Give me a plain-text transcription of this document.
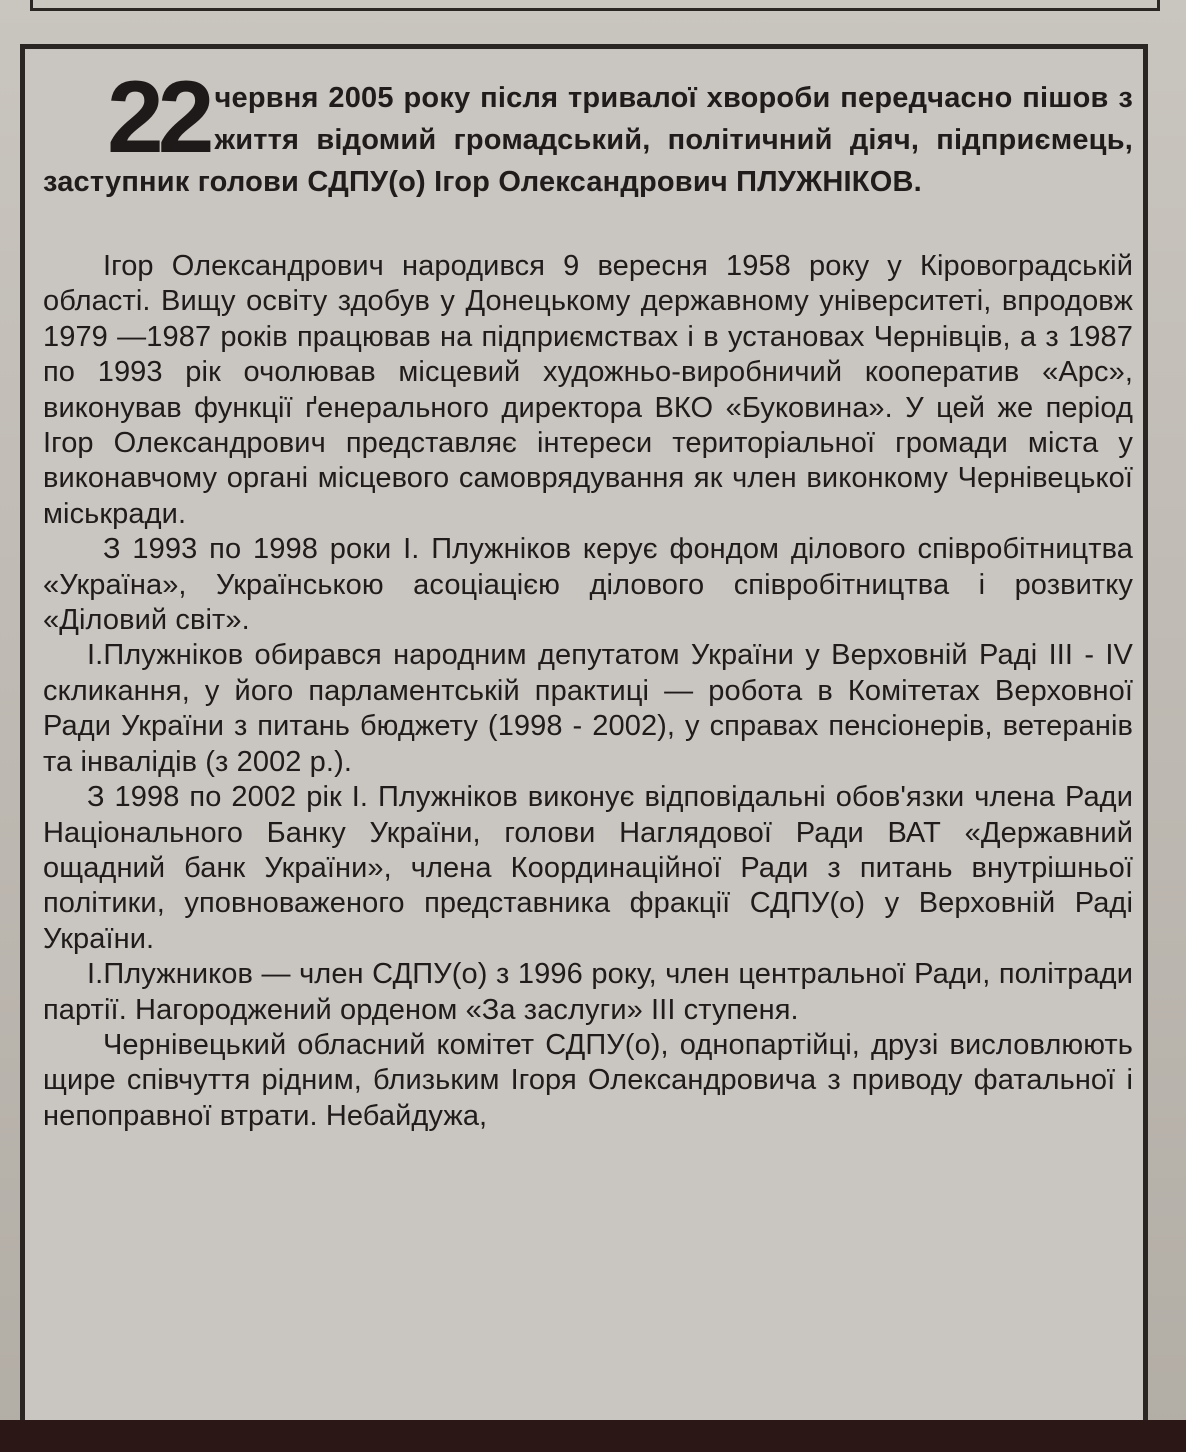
22 червня 2005 року після тривалої хвороби передчасно пішов з життя відомий громадський, політичний діяч, підприємець, заступник голови СДПУ(о) Ігор Олександрович ПЛУЖНІКОВ.

Ігор Олександрович народився 9 вересня 1958 року у Кіровоградській області. Вищу освіту здобув у Донецькому державному університеті, впродовж 1979 —1987 років працював на підприємствах і в установах Чернівців, а з 1987 по 1993 рік очолював місцевий художньо-виробничий кооператив «Арс», виконував функції ґенерального директора ВКО «Буковина». У цей же період Ігор Олександрович представляє інтереси територіальної громади міста у виконавчому органі місцевого самоврядування як член виконкому Чернівецької міськради.

З 1993 по 1998 роки І. Плужніков керує фондом ділового співробітництва «Україна», Українською асоціацією ділового співробітництва і розвитку «Діловий світ».

І.Плужніков обирався народним депутатом України у Верховній Раді III - IV скликання, у його парламентській практиці — робота в Комітетах Верховної Ради України з питань бюджету (1998 - 2002), у справах пенсіонерів, ветеранів та інвалідів (з 2002 р.).

З 1998 по 2002 рік І. Плужніков виконує відповідальні обов'язки члена Ради Національного Банку України, голови Наглядової Ради ВАТ «Державний ощадний банк України», члена Координаційної Ради з питань внутрішньої політики, уповноваженого представника фракції СДПУ(о) у Верховній Раді України.

І.Плужников — член СДПУ(о) з 1996 року, член центральної Ради, політради партії. Нагороджений орденом «За заслуги» III ступеня.

Чернівецький обласний комітет СДПУ(о), однопартійці, друзі висловлюють щире співчуття рідним, близьким Ігоря Олександровича з приводу фатальної і непоправної втрати. Небайдужа,
